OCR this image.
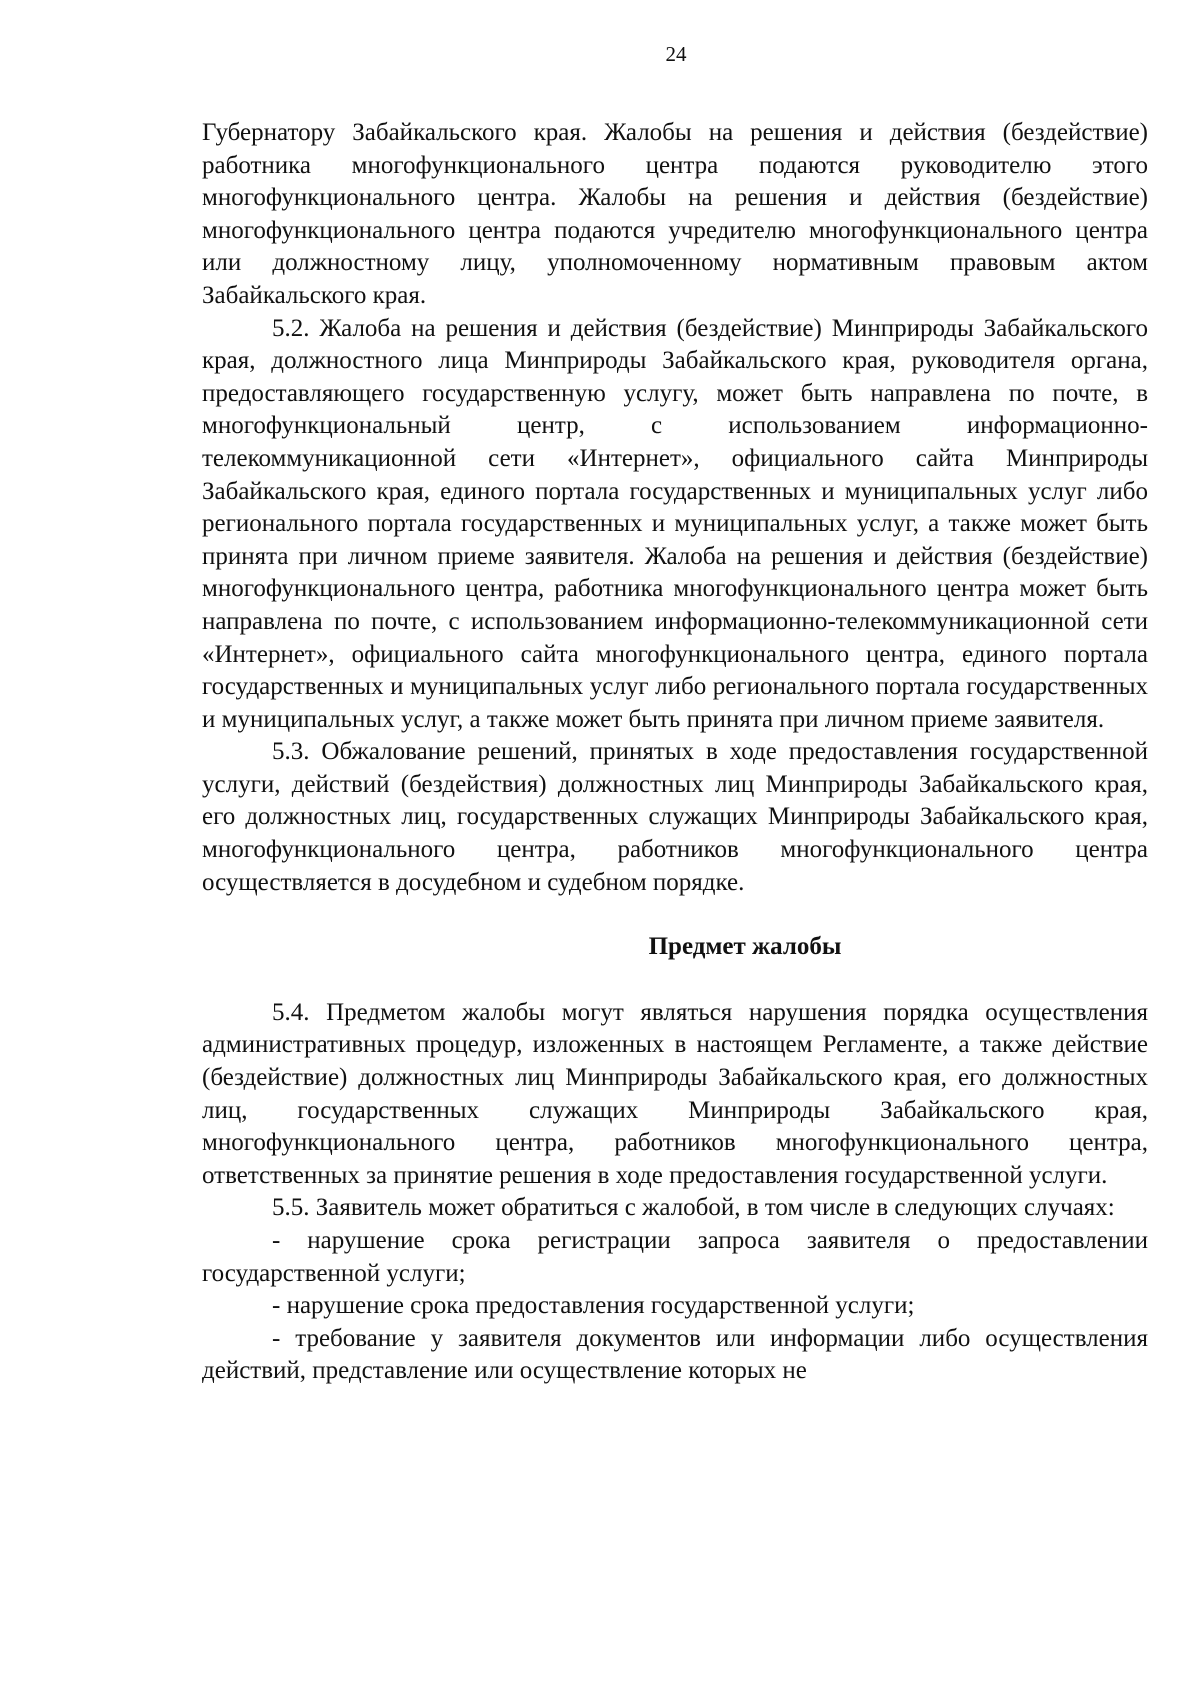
24

Губернатору Забайкальского края. Жалобы на решения и действия (бездействие) работника многофункционального центра подаются руководителю этого многофункционального центра. Жалобы на решения и действия (бездействие) многофункционального центра подаются учредителю многофункционального центра или должностному лицу, уполномоченному нормативным правовым актом Забайкальского края.

5.2. Жалоба на решения и действия (бездействие) Минприроды Забайкальского края, должностного лица Минприроды Забайкальского края, руководителя органа, предоставляющего государственную услугу, может быть направлена по почте, в многофункциональный центр, с использованием информационно-телекоммуникационной сети «Интернет», официального сайта Минприроды Забайкальского края, единого портала государственных и муниципальных услуг либо регионального портала государственных и муниципальных услуг, а также может быть принята при личном приеме заявителя. Жалоба на решения и действия (бездействие) многофункционального центра, работника многофункционального центра может быть направлена по почте, с использованием информационно-телекоммуникационной сети «Интернет», официального сайта многофункционального центра, единого портала государственных и муниципальных услуг либо регионального портала государственных и муниципальных услуг, а также может быть принята при личном приеме заявителя.

5.3. Обжалование решений, принятых в ходе предоставления государственной услуги, действий (бездействия) должностных лиц Минприроды Забайкальского края, его должностных лиц, государственных служащих Минприроды Забайкальского края, многофункционального центра, работников многофункционального центра осуществляется в досудебном и судебном порядке.

Предмет жалобы

5.4. Предметом жалобы могут являться нарушения порядка осуществления административных процедур, изложенных в настоящем Регламенте, а также действие (бездействие) должностных лиц Минприроды Забайкальского края, его должностных лиц, государственных служащих Минприроды Забайкальского края, многофункционального центра, работников многофункционального центра, ответственных за принятие решения в ходе предоставления государственной услуги.

5.5. Заявитель может обратиться с жалобой, в том числе в следующих случаях:

- нарушение срока регистрации запроса заявителя о предоставлении государственной услуги;

- нарушение срока предоставления государственной услуги;

- требование у заявителя документов или информации либо осуществления действий, представление или осуществление которых не
